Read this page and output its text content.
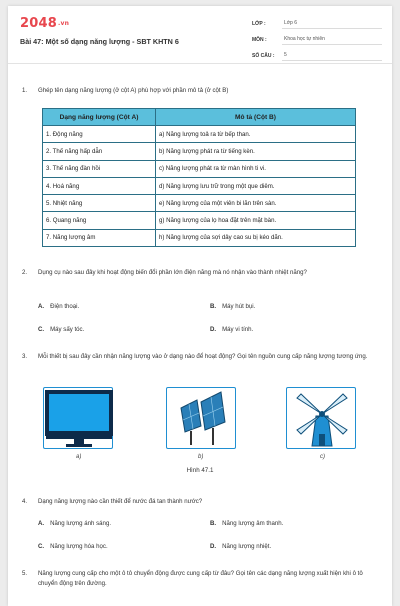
2048.vn
Bài 47: Một số dạng năng lượng - SBT KHTN 6
LỚP :	Lớp 6
MÔN :	Khoa học tự nhiên
SỐ CÂU :	5
1.	Ghép tên dạng năng lượng (ở cột A) phù hợp với phần mô tả (ở cột B)
Dạng năng lượng (Cột A)	Mô tả (Cột B)
1. Động năng	a) Năng lượng toả ra từ bếp than.
2. Thế năng hấp dẫn	b) Năng lượng phát ra từ tiếng kèn.
3. Thế năng đàn hồi	c) Năng lượng phát ra từ màn hình ti vi.
4. Hoá năng	d) Năng lượng lưu trữ trong một que diêm.
5. Nhiệt năng	e) Năng lượng của một viên bi lăn trên sàn.
6. Quang năng	g) Năng lượng của lọ hoa đặt trên mặt bàn.
7. Năng lượng âm	h) Năng lượng của sợi dây cao su bị kéo dãn.
2.	Dụng cụ nào sau đây khi hoạt động biến đổi phần lớn điện năng mà nó nhận vào thành nhiệt năng?
A. Điện thoại.	B. Máy hút bụi.
C. Máy sấy tóc.	D. Máy vi tính.
3.	Mỗi thiết bị sau đây cần nhận năng lượng vào ở dạng nào để hoạt động? Gọi tên nguồn cung cấp năng lượng tương ứng.
a)	b)	c)
Hình 47.1
4.	Dạng năng lượng nào cần thiết để nước đá tan thành nước?
A. Năng lượng ánh sáng.	B. Năng lượng âm thanh.
C. Năng lượng hóa học.	D. Năng lượng nhiệt.
5.	Năng lượng cung cấp cho một ô tô chuyển động được cung cấp từ đâu? Gọi tên các dạng năng lượng xuất hiện khi ô tô chuyển động trên đường.
